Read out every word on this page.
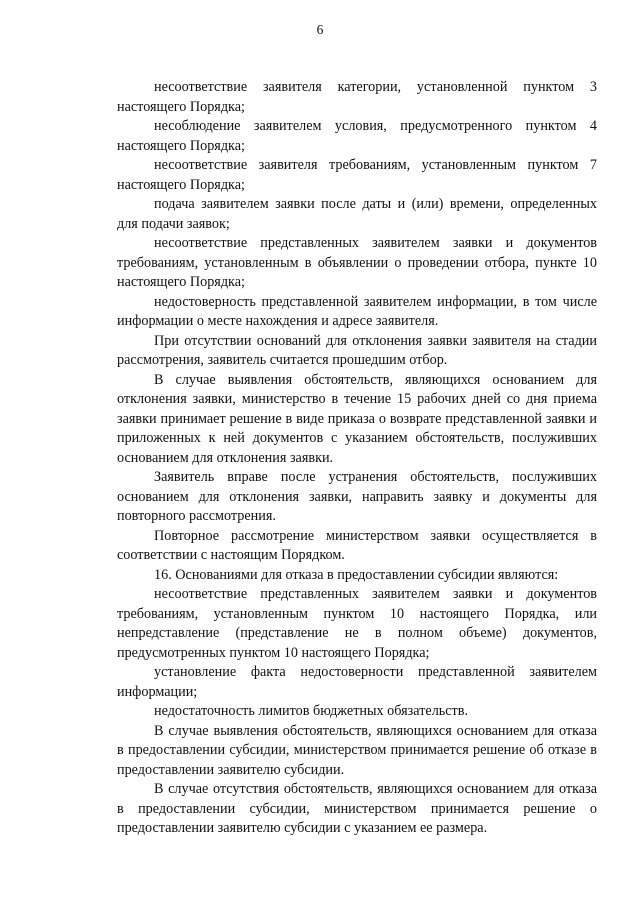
6

несоответствие заявителя категории, установленной пунктом 3 настоящего Порядка;

несоблюдение заявителем условия, предусмотренного пунктом 4 настоящего Порядка;

несоответствие заявителя требованиям, установленным пунктом 7 настоящего Порядка;

подача заявителем заявки после даты и (или) времени, определенных для подачи заявок;

несоответствие представленных заявителем заявки и документов требованиям, установленным в объявлении о проведении отбора, пункте 10 настоящего Порядка;

недостоверность представленной заявителем информации, в том числе информации о месте нахождения и адресе заявителя.

При отсутствии оснований для отклонения заявки заявителя на стадии рассмотрения, заявитель считается прошедшим отбор.

В случае выявления обстоятельств, являющихся основанием для отклонения заявки, министерство в течение 15 рабочих дней со дня приема заявки принимает решение в виде приказа о возврате представленной заявки и приложенных к ней документов с указанием обстоятельств, послуживших основанием для отклонения заявки.

Заявитель вправе после устранения обстоятельств, послуживших основанием для отклонения заявки, направить заявку и документы для повторного рассмотрения.

Повторное рассмотрение министерством заявки осуществляется в соответствии с настоящим Порядком.

16. Основаниями для отказа в предоставлении субсидии являются:

несоответствие представленных заявителем заявки и документов требованиям, установленным пунктом 10 настоящего Порядка, или непредставление (представление не в полном объеме) документов, предусмотренных пунктом 10 настоящего Порядка;

установление факта недостоверности представленной заявителем информации;

недостаточность лимитов бюджетных обязательств.

В случае выявления обстоятельств, являющихся основанием для отказа в предоставлении субсидии, министерством принимается решение об отказе в предоставлении заявителю субсидии.

В случае отсутствия обстоятельств, являющихся основанием для отказа в предоставлении субсидии, министерством принимается решение о предоставлении заявителю субсидии с указанием ее размера.
